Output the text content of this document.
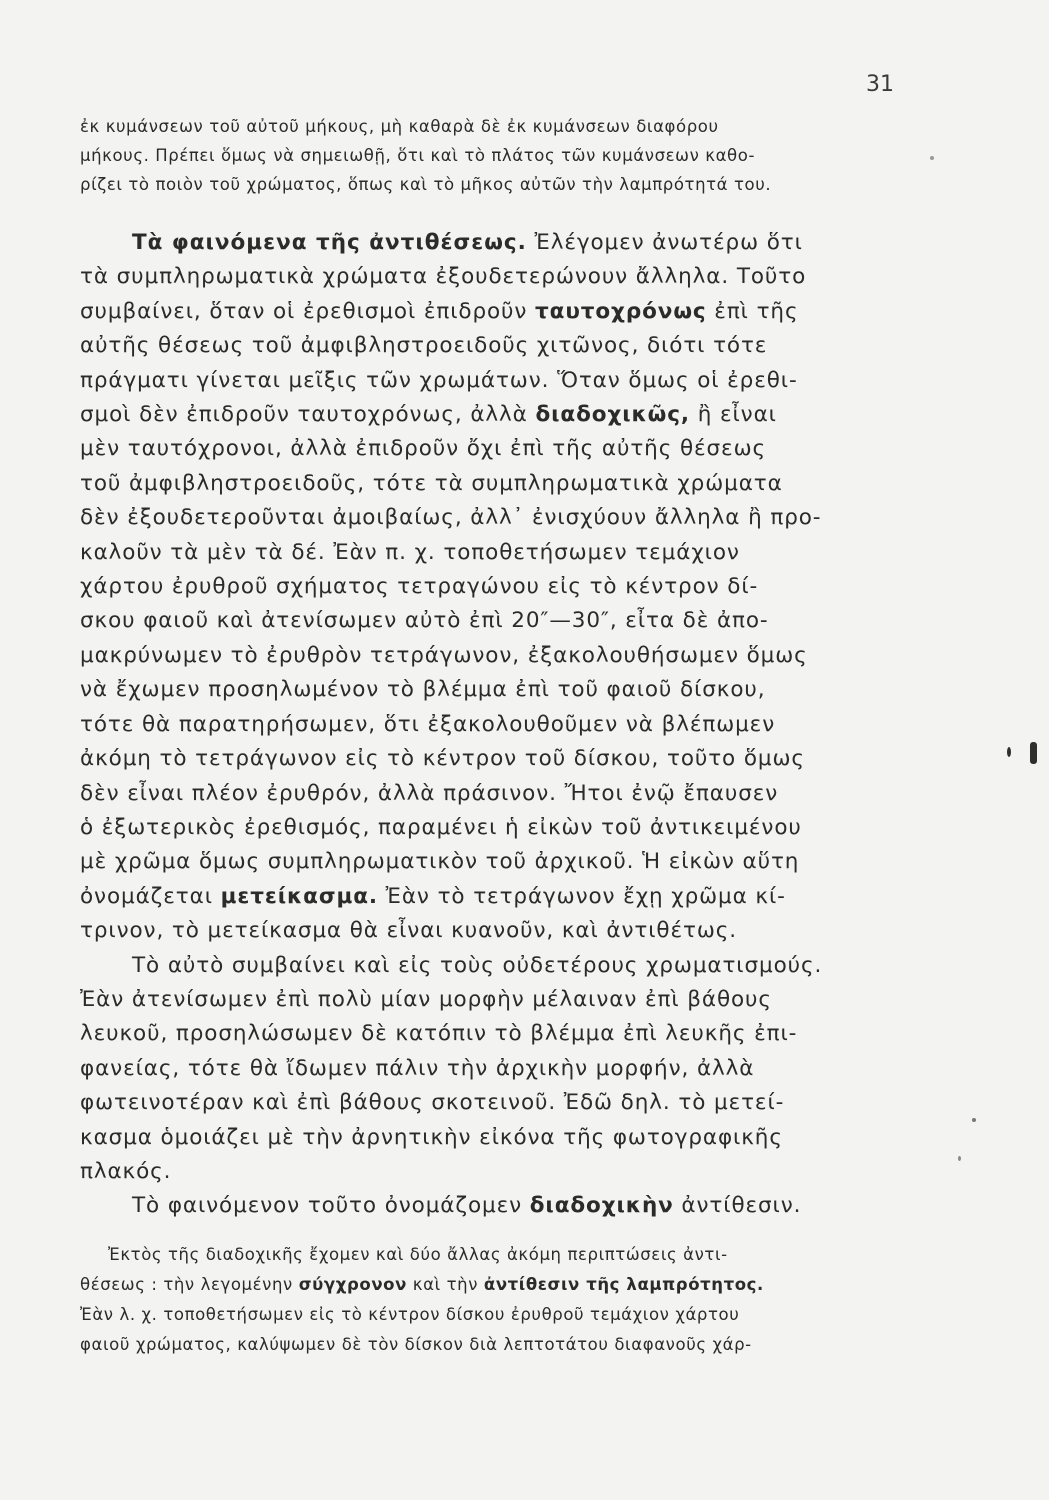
31
ἐκ κυμάνσεων τοῦ αὐτοῦ μήκους, μὴ καθαρὰ δὲ ἐκ κυμάνσεων διαφόρου
μήκους. Πρέπει ὅμως νὰ σημειωθῇ, ὅτι καὶ τὸ πλάτος τῶν κυμάνσεων καθο-
ρίζει τὸ ποιὸν τοῦ χρώματος, ὅπως καὶ τὸ μῆκος αὐτῶν τὴν λαμπρότητά του.
Τὰ φαινόμενα τῆς ἀντιθέσεως. Ἐλέγομεν ἀνωτέρω ὅτι
τὰ συμπληρωματικὰ χρώματα ἐξουδετερώνουν ἄλληλα. Τοῦτο
συμβαίνει, ὅταν οἱ ἐρεθισμοὶ ἐπιδροῦν ταυτοχρόνως ἐπὶ τῆς
αὐτῆς θέσεως τοῦ ἀμφιβληστροειδοῦς χιτῶνος, διότι τότε
πράγματι γίνεται μεῖξις τῶν χρωμάτων. Ὅταν ὅμως οἱ ἐρεθι-
σμοὶ δὲν ἐπιδροῦν ταυτοχρόνως, ἀλλὰ διαδοχικῶς, ἢ εἶναι
μὲν ταυτόχρονοι, ἀλλὰ ἐπιδροῦν ὄχι ἐπὶ τῆς αὐτῆς θέσεως
τοῦ ἀμφιβληστροειδοῦς, τότε τὰ συμπληρωματικὰ χρώματα
δὲν ἐξουδετεροῦνται ἀμοιβαίως, ἀλλ᾽ ἐνισχύουν ἄλληλα ἢ προ-
καλοῦν τὰ μὲν τὰ δέ. Ἐὰν π. χ. τοποθετήσωμεν τεμάχιον
χάρτου ἐρυθροῦ σχήματος τετραγώνου εἰς τὸ κέντρον δί-
σκου φαιοῦ καὶ ἀτενίσωμεν αὐτὸ ἐπὶ 20″—30″, εἶτα δὲ ἀπο-
μακρύνωμεν τὸ ἐρυθρὸν τετράγωνον, ἐξακολουθήσωμεν ὅμως
νὰ ἔχωμεν προσηλωμένον τὸ βλέμμα ἐπὶ τοῦ φαιοῦ δίσκου,
τότε θὰ παρατηρήσωμεν, ὅτι ἐξακολουθοῦμεν νὰ βλέπωμεν
ἀκόμη τὸ τετράγωνον εἰς τὸ κέντρον τοῦ δίσκου, τοῦτο ὅμως
δὲν εἶναι πλέον ἐρυθρόν, ἀλλὰ πράσινον. Ἤτοι ἐνῷ ἔπαυσεν
ὁ ἐξωτερικὸς ἐρεθισμός, παραμένει ἡ εἰκὼν τοῦ ἀντικειμένου
μὲ χρῶμα ὅμως συμπληρωματικὸν τοῦ ἀρχικοῦ. Ἡ εἰκὼν αὕτη
ὀνομάζεται μετείκασμα. Ἐὰν τὸ τετράγωνον ἔχῃ χρῶμα κί-
τρινον, τὸ μετείκασμα θὰ εἶναι κυανοῦν, καὶ ἀντιθέτως.
Τὸ αὐτὸ συμβαίνει καὶ εἰς τοὺς οὐδετέρους χρωματισμούς.
Ἐὰν ἀτενίσωμεν ἐπὶ πολὺ μίαν μορφὴν μέλαιναν ἐπὶ βάθους
λευκοῦ, προσηλώσωμεν δὲ κατόπιν τὸ βλέμμα ἐπὶ λευκῆς ἐπι-
φανείας, τότε θὰ ἴδωμεν πάλιν τὴν ἀρχικὴν μορφήν, ἀλλὰ
φωτεινοτέραν καὶ ἐπὶ βάθους σκοτεινοῦ. Ἐδῶ δηλ. τὸ μετεί-
κασμα ὁμοιάζει μὲ τὴν ἀρνητικὴν εἰκόνα τῆς φωτογραφικῆς
πλακός.
Τὸ φαινόμενον τοῦτο ὀνομάζομεν διαδοχικὴν ἀντίθεσιν.
Ἐκτὸς τῆς διαδοχικῆς ἔχομεν καὶ δύο ἄλλας ἀκόμη περιπτώσεις ἀντι-
θέσεως : τὴν λεγομένην σύγχρονον καὶ τὴν ἀντίθεσιν τῆς λαμπρότητος.
Ἐὰν λ. χ. τοποθετήσωμεν εἰς τὸ κέντρον δίσκου ἐρυθροῦ τεμάχιον χάρτου
φαιοῦ χρώματος, καλύψωμεν δὲ τὸν δίσκον διὰ λεπτοτάτου διαφανοῦς χάρ-
